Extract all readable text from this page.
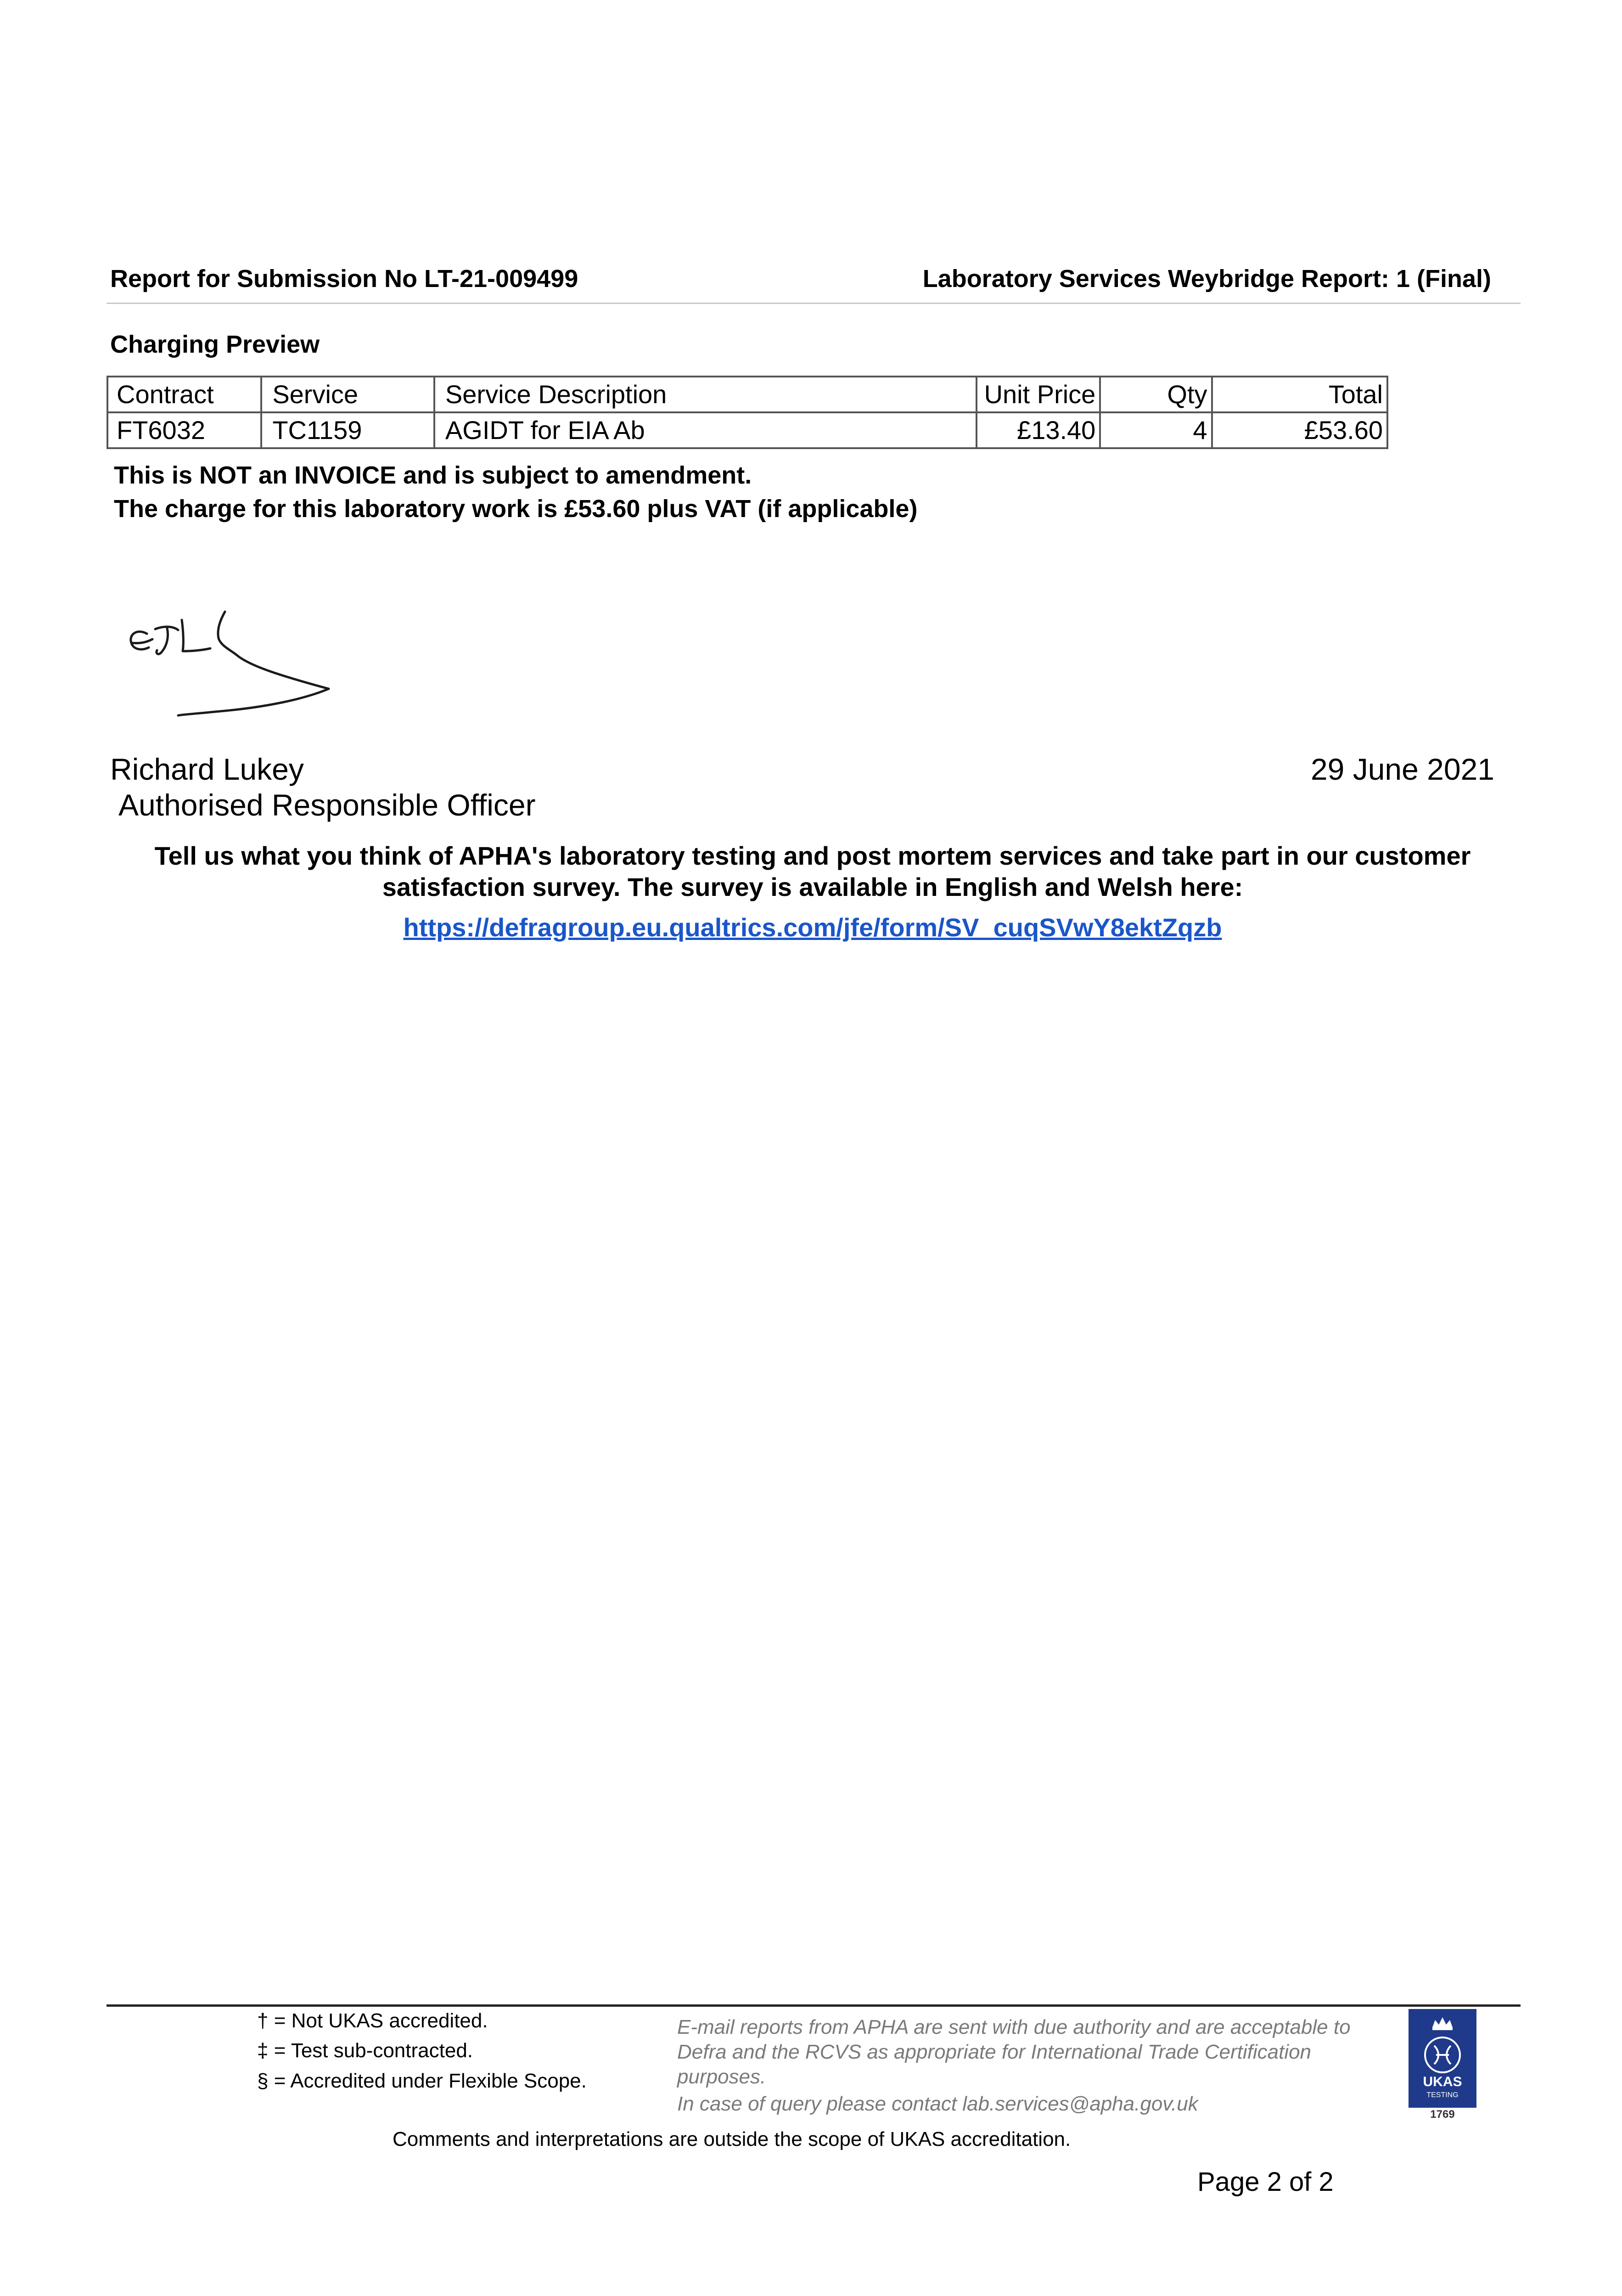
Report for Submission No LT-21-009499	Laboratory Services Weybridge Report: 1 (Final)
Charging Preview
Contract	Service	Service Description	Unit Price	Qty	Total
FT6032	TC1159	AGIDT for EIA Ab	£13.40	4	£53.60
This is NOT an INVOICE and is subject to amendment.
The charge for this laboratory work is £53.60 plus VAT (if applicable)
Richard Lukey
Authorised Responsible Officer
29 June 2021
Tell us what you think of APHA's laboratory testing and post mortem services and take part in our customer satisfaction survey. The survey is available in English and Welsh here:
https://defragroup.eu.qualtrics.com/jfe/form/SV_cuqSVwY8ektZqzb
† = Not UKAS accredited.
‡ = Test sub-contracted.
§ = Accredited under Flexible Scope.
E-mail reports from APHA are sent with due authority and are acceptable to Defra and the RCVS as appropriate for International Trade Certification purposes.
In case of query please contact lab.services@apha.gov.uk
UKAS
TESTING
1769
Comments and interpretations are outside the scope of UKAS accreditation.
Page 2 of 2
